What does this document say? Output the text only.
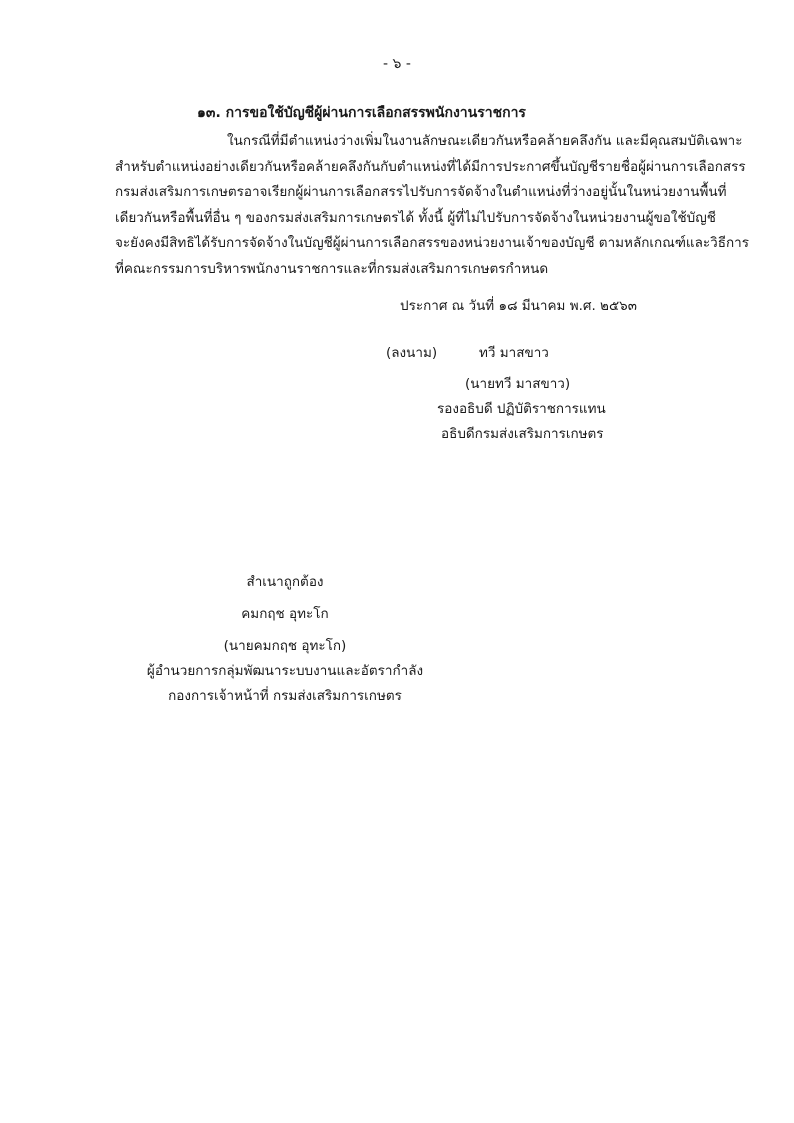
- ๖ -
๑๓. การขอใช้บัญชีผู้ผ่านการเลือกสรรพนักงานราชการ
ในกรณีที่มีตำแหน่งว่างเพิ่มในงานลักษณะเดียวกันหรือคล้ายคลึงกัน และมีคุณสมบัติเฉพาะ
สำหรับตำแหน่งอย่างเดียวกันหรือคล้ายคลึงกันกับตำแหน่งที่ได้มีการประกาศขึ้นบัญชีรายชื่อผู้ผ่านการเลือกสรร
กรมส่งเสริมการเกษตรอาจเรียกผู้ผ่านการเลือกสรรไปรับการจัดจ้างในตำแหน่งที่ว่างอยู่นั้นในหน่วยงานพื้นที่
เดียวกันหรือพื้นที่อื่น ๆ ของกรมส่งเสริมการเกษตรได้ ทั้งนี้ ผู้ที่ไม่ไปรับการจัดจ้างในหน่วยงานผู้ขอใช้บัญชี
จะยังคงมีสิทธิได้รับการจัดจ้างในบัญชีผู้ผ่านการเลือกสรรของหน่วยงานเจ้าของบัญชี ตามหลักเกณฑ์และวิธีการ
ที่คณะกรรมการบริหารพนักงานราชการและที่กรมส่งเสริมการเกษตรกำหนด
ประกาศ ณ วันที่ ๑๘ มีนาคม พ.ศ. ๒๕๖๓
(ลงนาม)	ทวี มาสขาว
(นายทวี มาสขาว)
รองอธิบดี ปฏิบัติราชการแทน
อธิบดีกรมส่งเสริมการเกษตร
สำเนาถูกต้อง
คมกฤช อุทะโก
(นายคมกฤช อุทะโก)
ผู้อำนวยการกลุ่มพัฒนาระบบงานและอัตรากำลัง
กองการเจ้าหน้าที่ กรมส่งเสริมการเกษตร
